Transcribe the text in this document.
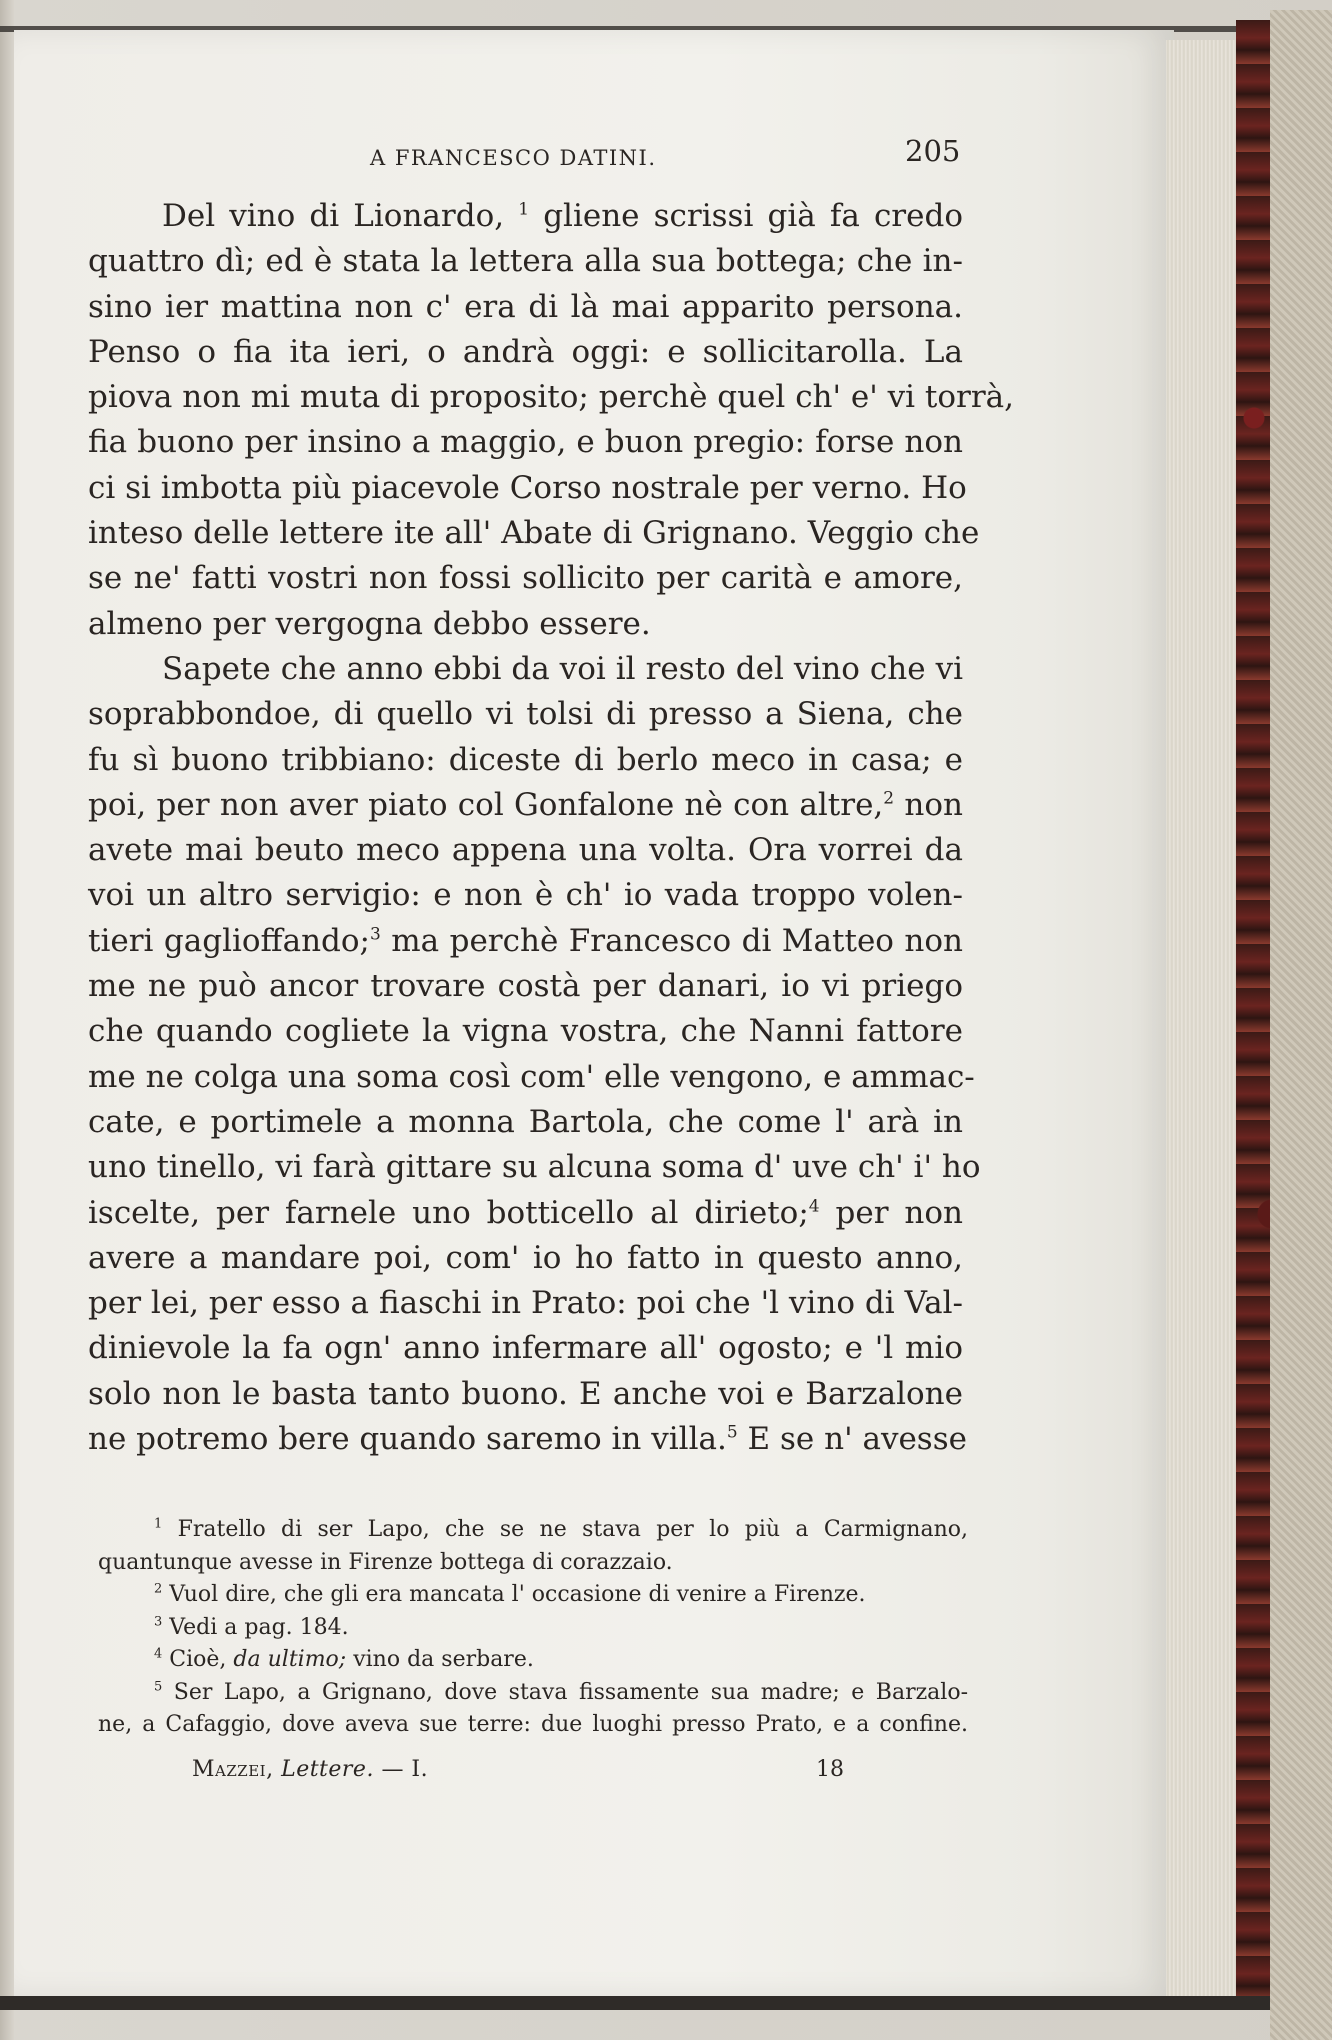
A FRANCESCO DATINI.	205
Del vino di Lionardo, $^1$ gliene scrissi già fa credo
quattro dì; ed è stata la lettera alla sua bottega; che in-
sino ier mattina non c' era di là mai apparito persona.
Penso o fia ita ieri, o andrà oggi: e sollicitarolla. La
piova non mi muta di proposito; perchè quel ch' e' vi torrà,
fia buono per insino a maggio, e buon pregio: forse non
ci si imbotta più piacevole Corso nostrale per verno. Ho
inteso delle lettere ite all' Abate di Grignano. Veggio che
se ne' fatti vostri non fossi sollicito per carità e amore,
almeno per vergogna debbo essere.
Sapete che anno ebbi da voi il resto del vino che vi
soprabbondoe, di quello vi tolsi di presso a Siena, che
fu sì buono tribbiano: diceste di berlo meco in casa; e
poi, per non aver piato col Gonfalone nè con altre,$^2$ non
avete mai beuto meco appena una volta. Ora vorrei da
voi un altro servigio: e non è ch' io vada troppo volen-
tieri gaglioffando;$^3$ ma perchè Francesco di Matteo non
me ne può ancor trovare costà per danari, io vi priego
che quando cogliete la vigna vostra, che Nanni fattore
me ne colga una soma così com' elle vengono, e ammac-
cate, e portimele a monna Bartola, che come l' arà in
uno tinello, vi farà gittare su alcuna soma d' uve ch' i' ho
iscelte, per farnele uno botticello al dirieto;$^4$ per non
avere a mandare poi, com' io ho fatto in questo anno,
per lei, per esso a fiaschi in Prato: poi che 'l vino di Val-
dinievole la fa ogn' anno infermare all' ogosto; e 'l mio
solo non le basta tanto buono. E anche voi e Barzalone
ne potremo bere quando saremo in villa.$^5$ E se n' avesse
$^1$ Fratello di ser Lapo, che se ne stava per lo più a Carmignano,
quantunque avesse in Firenze bottega di corazzaio.
$^2$ Vuol dire, che gli era mancata l' occasione di venire a Firenze.
$^3$ Vedi a pag. 184.
$^4$ Cioè, da ultimo; vino da serbare.
$^5$ Ser Lapo, a Grignano, dove stava fissamente sua madre; e Barzalo-
ne, a Cafaggio, dove aveva sue terre: due luoghi presso Prato, e a confine.
Mazzei, Lettere. — I.	18
